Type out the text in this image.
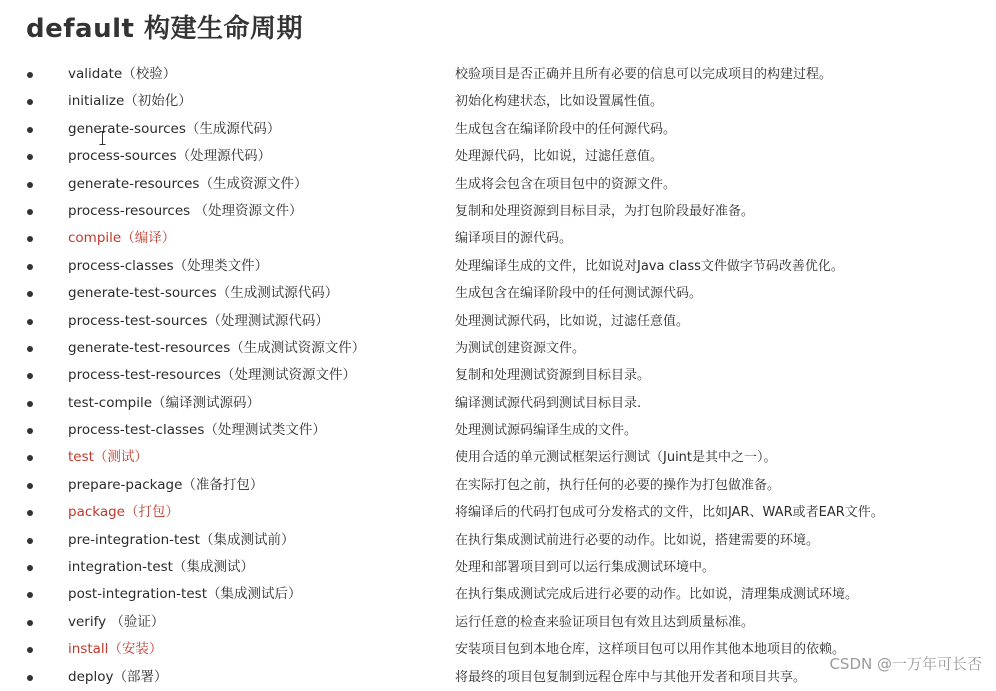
default 构建生命周期
validate（校验）	校验项目是否正确并且所有必要的信息可以完成项目的构建过程。
initialize（初始化）	初始化构建状态，比如设置属性值。
generate-sources（生成源代码）	生成包含在编译阶段中的任何源代码。
process-sources（处理源代码）	处理源代码，比如说，过滤任意值。
generate-resources（生成资源文件）	生成将会包含在项目包中的资源文件。
process-resources （处理资源文件）	复制和处理资源到目标目录，为打包阶段最好准备。
compile（编译）	编译项目的源代码。
process-classes（处理类文件）	处理编译生成的文件，比如说对Java class文件做字节码改善优化。
generate-test-sources（生成测试源代码）	生成包含在编译阶段中的任何测试源代码。
process-test-sources（处理测试源代码）	处理测试源代码，比如说，过滤任意值。
generate-test-resources（生成测试资源文件）	为测试创建资源文件。
process-test-resources（处理测试资源文件）	复制和处理测试资源到目标目录。
test-compile（编译测试源码）	编译测试源代码到测试目标目录.
process-test-classes（处理测试类文件）	处理测试源码编译生成的文件。
test（测试）	使用合适的单元测试框架运行测试（Juint是其中之一）。
prepare-package（准备打包）	在实际打包之前，执行任何的必要的操作为打包做准备。
package（打包）	将编译后的代码打包成可分发格式的文件，比如JAR、WAR或者EAR文件。
pre-integration-test（集成测试前）	在执行集成测试前进行必要的动作。比如说，搭建需要的环境。
integration-test（集成测试）	处理和部署项目到可以运行集成测试环境中。
post-integration-test（集成测试后）	在执行集成测试完成后进行必要的动作。比如说，清理集成测试环境。
verify （验证）	运行任意的检查来验证项目包有效且达到质量标准。
install（安装）	安装项目包到本地仓库，这样项目包可以用作其他本地项目的依赖。
deploy（部署）	将最终的项目包复制到远程仓库中与其他开发者和项目共享。
CSDN @一万年可长否
